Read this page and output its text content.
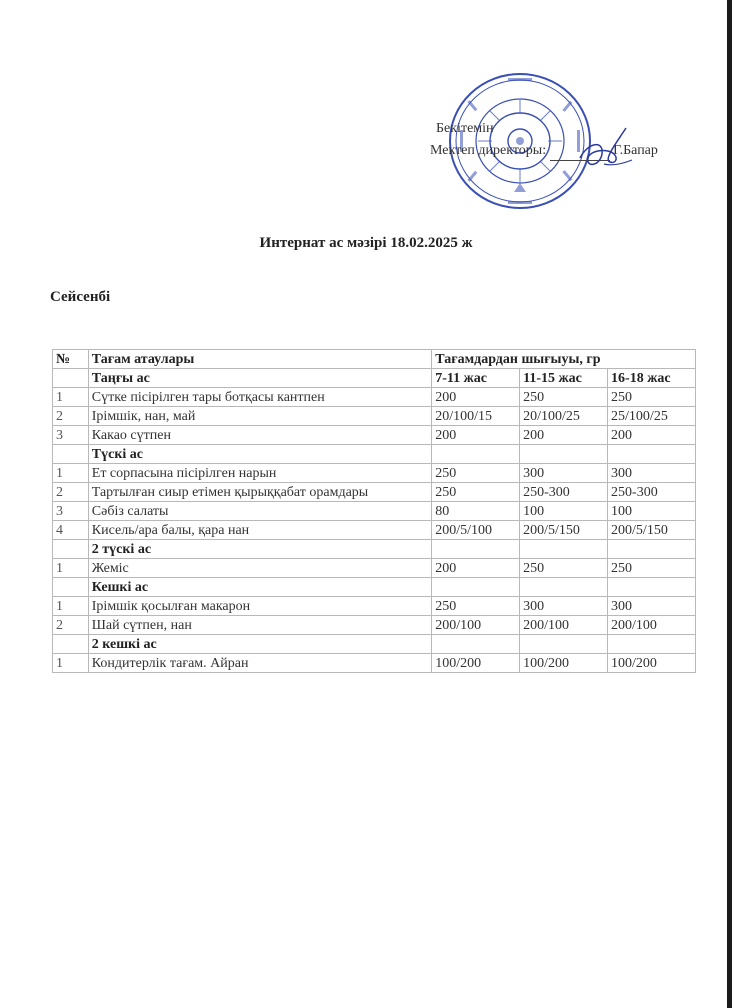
Бекітемін
Мектеп директоры:	Г.Бапар
Интернат ас мәзірі 18.02.2025 ж
Сейсенбі
№	Тағам атаулары	Тағамдардан шығыуы, гр		
	Таңғы ас	7-11 жас	11-15 жас	16-18 жас
1	Сүтке пісірілген тары ботқасы кантпен	200	250	250
2	Ірімшік, нан, май	20/100/15	20/100/25	25/100/25
3	Какао сүтпен	200	200	200
	Түскі ас			
1	Ет сорпасына пісірілген нарын	250	300	300
2	Тартылған сиыр етімен қырыққабат орамдары	250	250-300	250-300
3	Сәбіз салаты	80	100	100
4	Кисель/ара балы, қара нан	200/5/100	200/5/150	200/5/150
	2 түскі ас			
1	Жеміс	200	250	250
	Кешкі ас			
1	Ірімшік қосылған макарон	250	300	300
2	Шай сүтпен, нан	200/100	200/100	200/100
	2 кешкі ас			
1	Кондитерлік тағам. Айран	100/200	100/200	100/200
